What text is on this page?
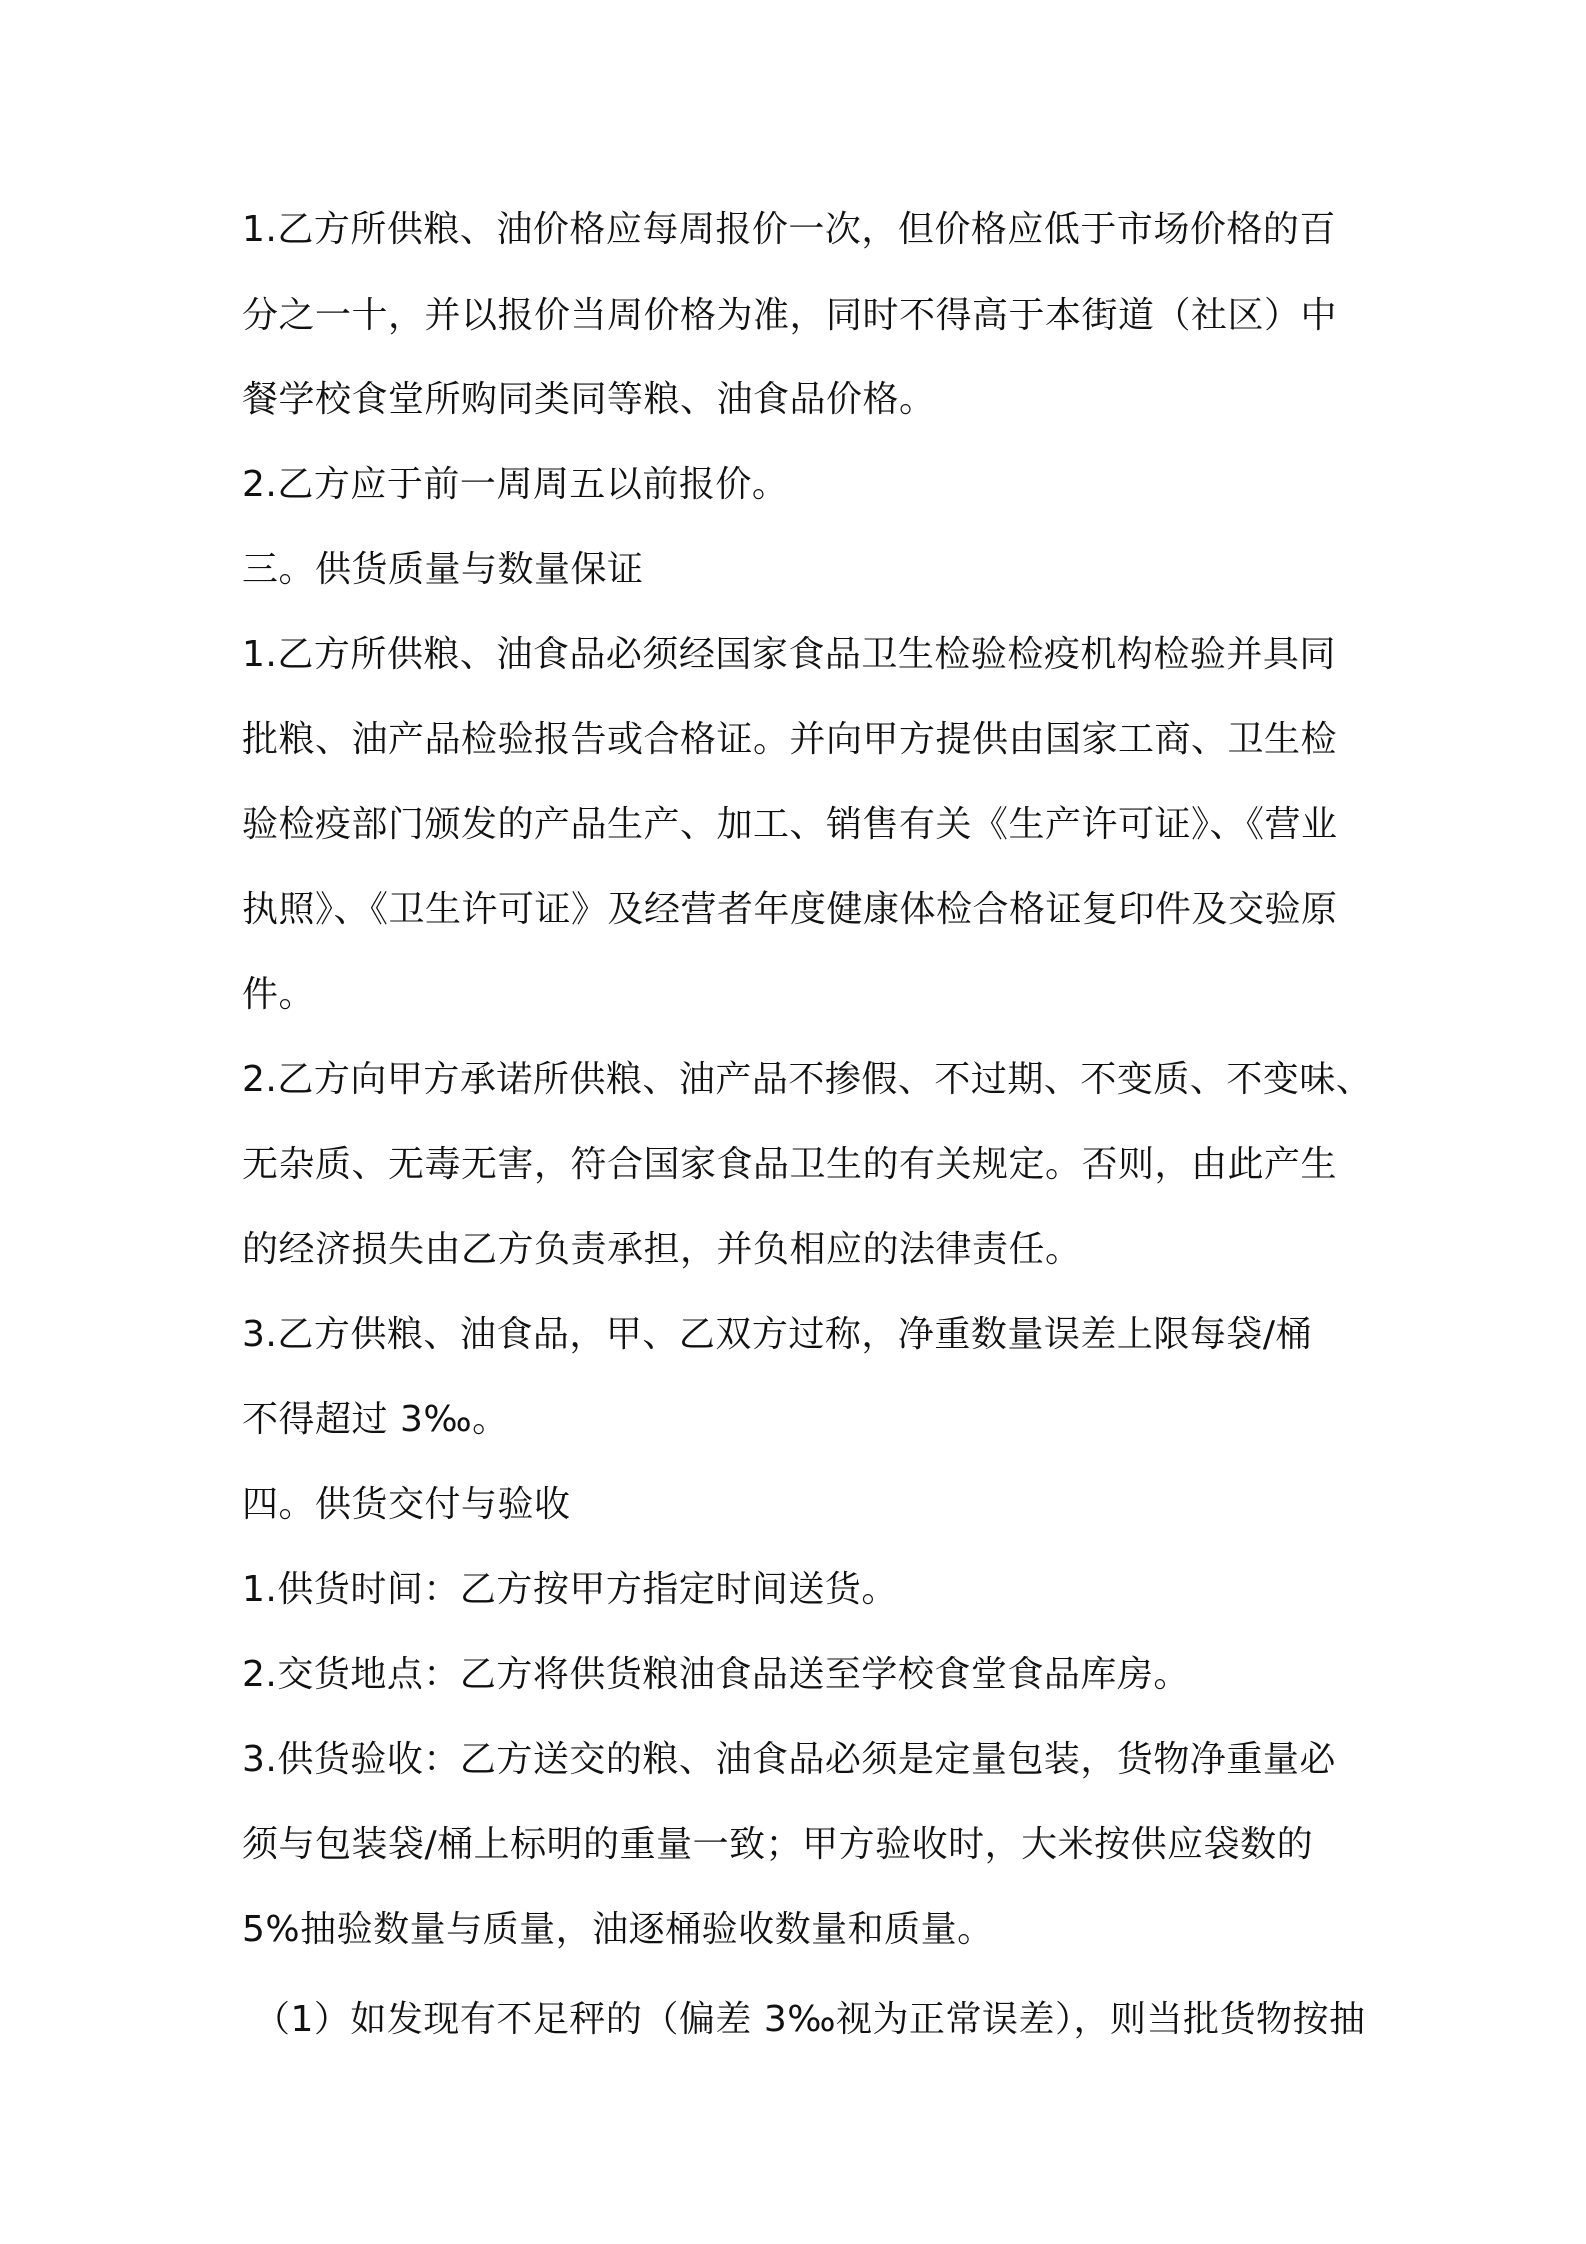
1.乙方所供粮、油价格应每周报价一次，但价格应低于市场价格的百
分之一十，并以报价当周价格为准，同时不得高于本街道（社区）中
餐学校食堂所购同类同等粮、油食品价格。
2.乙方应于前一周周五以前报价。
三。供货质量与数量保证
1.乙方所供粮、油食品必须经国家食品卫生检验检疫机构检验并具同
批粮、油产品检验报告或合格证。并向甲方提供由国家工商、卫生检
验检疫部门颁发的产品生产、加工、销售有关《生产许可证》、《营业
执照》、《卫生许可证》及经营者年度健康体检合格证复印件及交验原
件。
2.乙方向甲方承诺所供粮、油产品不掺假、不过期、不变质、不变味、
无杂质、无毒无害，符合国家食品卫生的有关规定。否则，由此产生
的经济损失由乙方负责承担，并负相应的法律责任。
3.乙方供粮、油食品，甲、乙双方过称，净重数量误差上限每袋/桶
不得超过 3‰。
四。供货交付与验收
1.供货时间：乙方按甲方指定时间送货。
2.交货地点：乙方将供货粮油食品送至学校食堂食品库房。
3.供货验收：乙方送交的粮、油食品必须是定量包装，货物净重量必
须与包装袋/桶上标明的重量一致；甲方验收时，大米按供应袋数的
5%抽验数量与质量，油逐桶验收数量和质量。
（1）如发现有不足秤的（偏差 3‰视为正常误差），则当批货物按抽
